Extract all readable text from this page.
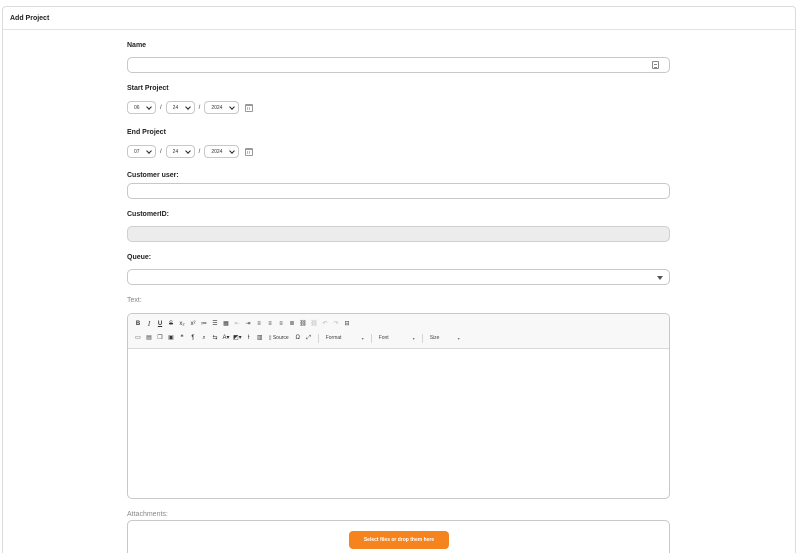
Add Project
Name
Start Project
06	/ 24	/ 2024
End Project
07	/ 24	/ 2024
Customer user:
CustomerID:
Queue:
Text:
B	I	U	S	x₂ x² ≔ ☰ ▦ ⇤ ⇥	≡	≡	≡	≣ ⛓ ⛓ ↶ ↷ ⊟
▭ ▤ ❐ ▣	❝	¶	⌕	⇆ A▾ ◩▾	Ɨ	▥ ▯
Source Ω ⤢	Format	▾	Font	▾	Size	▾
Attachments:
Select files or drop them here
